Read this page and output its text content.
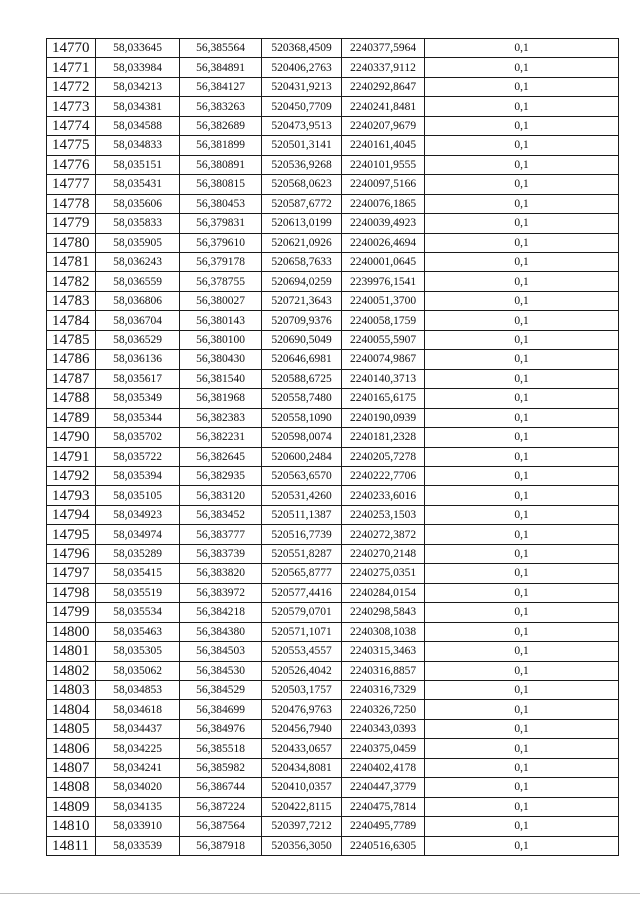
14770	58,033645	56,385564	520368,4509	2240377,5964	0,1
14771	58,033984	56,384891	520406,2763	2240337,9112	0,1
14772	58,034213	56,384127	520431,9213	2240292,8647	0,1
14773	58,034381	56,383263	520450,7709	2240241,8481	0,1
14774	58,034588	56,382689	520473,9513	2240207,9679	0,1
14775	58,034833	56,381899	520501,3141	2240161,4045	0,1
14776	58,035151	56,380891	520536,9268	2240101,9555	0,1
14777	58,035431	56,380815	520568,0623	2240097,5166	0,1
14778	58,035606	56,380453	520587,6772	2240076,1865	0,1
14779	58,035833	56,379831	520613,0199	2240039,4923	0,1
14780	58,035905	56,379610	520621,0926	2240026,4694	0,1
14781	58,036243	56,379178	520658,7633	2240001,0645	0,1
14782	58,036559	56,378755	520694,0259	2239976,1541	0,1
14783	58,036806	56,380027	520721,3643	2240051,3700	0,1
14784	58,036704	56,380143	520709,9376	2240058,1759	0,1
14785	58,036529	56,380100	520690,5049	2240055,5907	0,1
14786	58,036136	56,380430	520646,6981	2240074,9867	0,1
14787	58,035617	56,381540	520588,6725	2240140,3713	0,1
14788	58,035349	56,381968	520558,7480	2240165,6175	0,1
14789	58,035344	56,382383	520558,1090	2240190,0939	0,1
14790	58,035702	56,382231	520598,0074	2240181,2328	0,1
14791	58,035722	56,382645	520600,2484	2240205,7278	0,1
14792	58,035394	56,382935	520563,6570	2240222,7706	0,1
14793	58,035105	56,383120	520531,4260	2240233,6016	0,1
14794	58,034923	56,383452	520511,1387	2240253,1503	0,1
14795	58,034974	56,383777	520516,7739	2240272,3872	0,1
14796	58,035289	56,383739	520551,8287	2240270,2148	0,1
14797	58,035415	56,383820	520565,8777	2240275,0351	0,1
14798	58,035519	56,383972	520577,4416	2240284,0154	0,1
14799	58,035534	56,384218	520579,0701	2240298,5843	0,1
14800	58,035463	56,384380	520571,1071	2240308,1038	0,1
14801	58,035305	56,384503	520553,4557	2240315,3463	0,1
14802	58,035062	56,384530	520526,4042	2240316,8857	0,1
14803	58,034853	56,384529	520503,1757	2240316,7329	0,1
14804	58,034618	56,384699	520476,9763	2240326,7250	0,1
14805	58,034437	56,384976	520456,7940	2240343,0393	0,1
14806	58,034225	56,385518	520433,0657	2240375,0459	0,1
14807	58,034241	56,385982	520434,8081	2240402,4178	0,1
14808	58,034020	56,386744	520410,0357	2240447,3779	0,1
14809	58,034135	56,387224	520422,8115	2240475,7814	0,1
14810	58,033910	56,387564	520397,7212	2240495,7789	0,1
14811	58,033539	56,387918	520356,3050	2240516,6305	0,1
